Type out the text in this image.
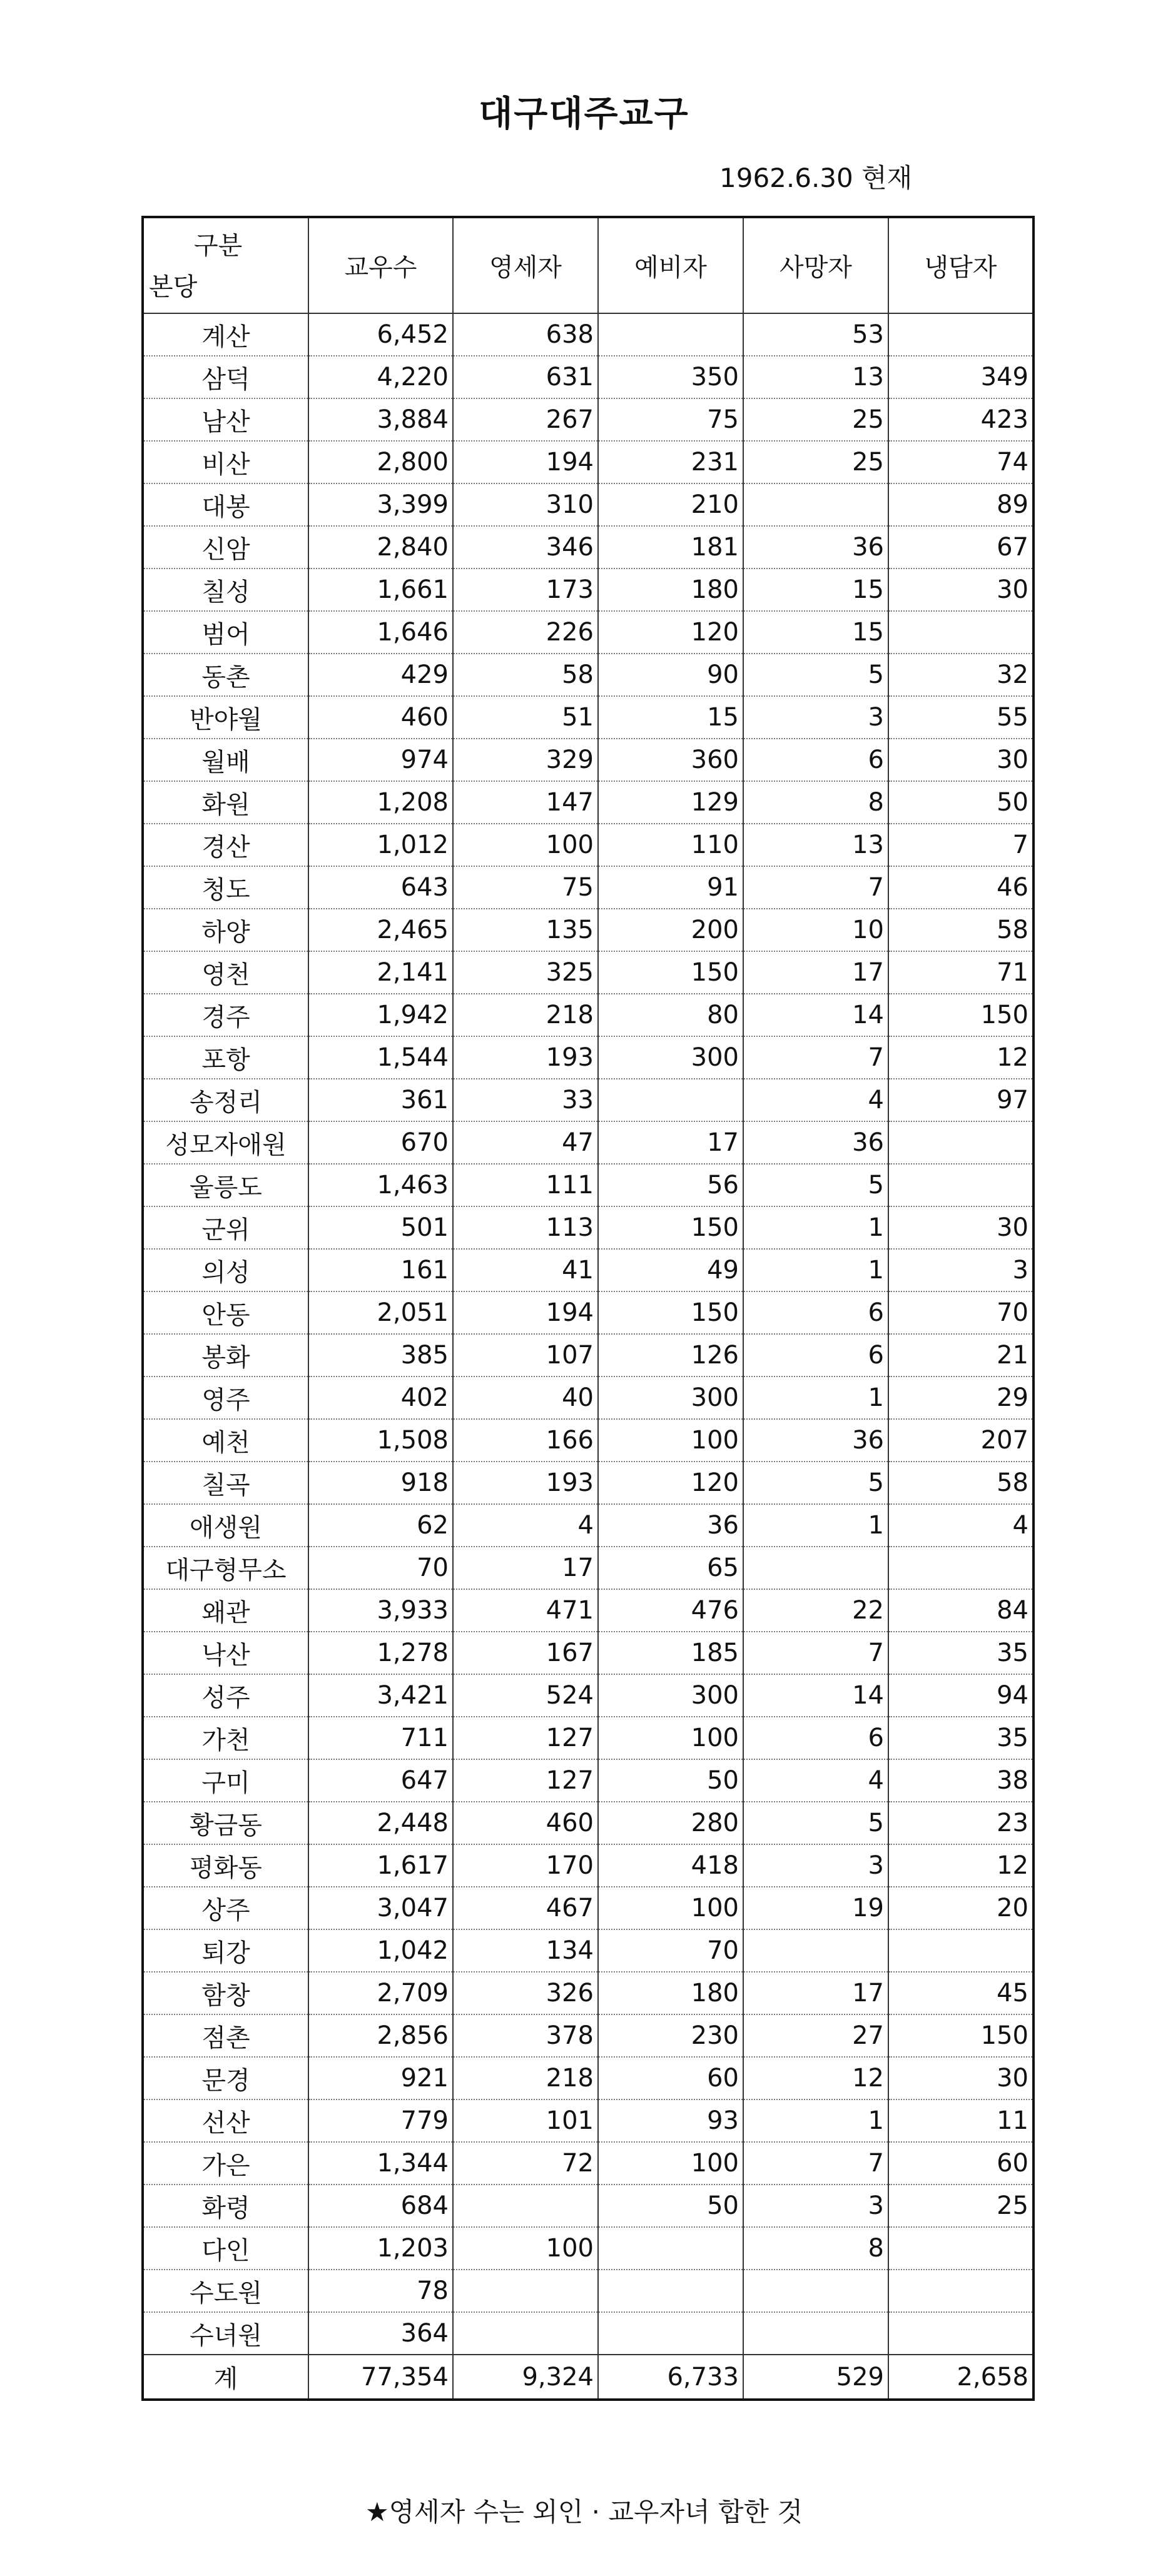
대구대주교구
1962.6.30 현재
구분
본당	교우수	영세자	예비자	사망자	냉담자
계산	6,452	638		53	
삼덕	4,220	631	350	13	349
남산	3,884	267	75	25	423
비산	2,800	194	231	25	74
대봉	3,399	310	210		89
신암	2,840	346	181	36	67
칠성	1,661	173	180	15	30
범어	1,646	226	120	15	
동촌	429	58	90	5	32
반야월	460	51	15	3	55
월배	974	329	360	6	30
화원	1,208	147	129	8	50
경산	1,012	100	110	13	7
청도	643	75	91	7	46
하양	2,465	135	200	10	58
영천	2,141	325	150	17	71
경주	1,942	218	80	14	150
포항	1,544	193	300	7	12
송정리	361	33		4	97
성모자애원	670	47	17	36	
울릉도	1,463	111	56	5	
군위	501	113	150	1	30
의성	161	41	49	1	3
안동	2,051	194	150	6	70
봉화	385	107	126	6	21
영주	402	40	300	1	29
예천	1,508	166	100	36	207
칠곡	918	193	120	5	58
애생원	62	4	36	1	4
대구형무소	70	17	65		
왜관	3,933	471	476	22	84
낙산	1,278	167	185	7	35
성주	3,421	524	300	14	94
가천	711	127	100	6	35
구미	647	127	50	4	38
황금동	2,448	460	280	5	23
평화동	1,617	170	418	3	12
상주	3,047	467	100	19	20
퇴강	1,042	134	70		
함창	2,709	326	180	17	45
점촌	2,856	378	230	27	150
문경	921	218	60	12	30
선산	779	101	93	1	11
가은	1,344	72	100	7	60
화령	684		50	3	25
다인	1,203	100		8	
수도원	78				
수녀원	364				
계	77,354	9,324	6,733	529	2,658
★영세자 수는 외인 · 교우자녀 합한 것
